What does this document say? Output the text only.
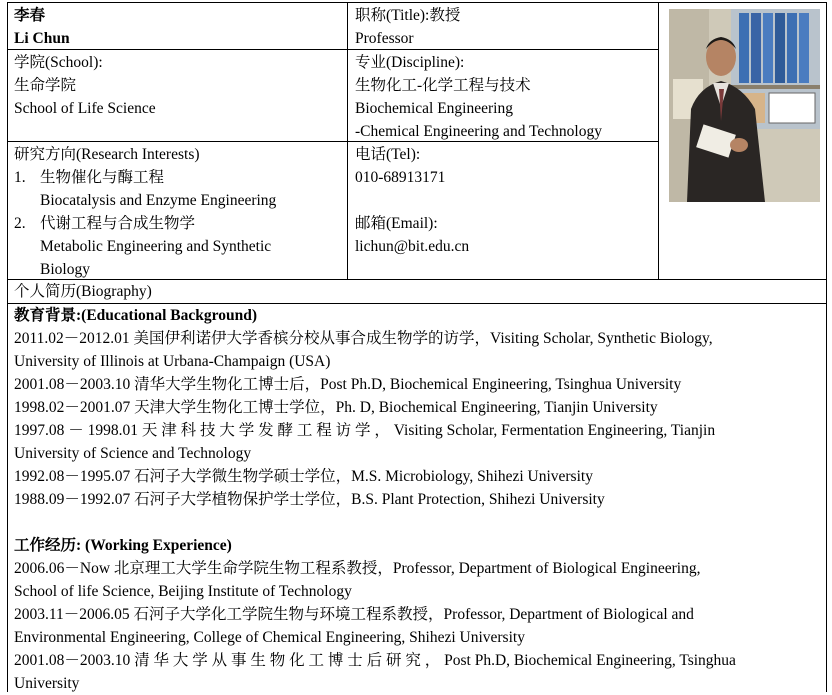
李春
Li Chun
职称(Title):教授
Professor
学院(School):
生命学院
School of Life Science
专业(Discipline):
生物化工-化学工程与技术
Biochemical Engineering
-Chemical Engineering and Technology
研究方向(Research Interests)
1. 生物催化与酶工程
Biocatalysis and Enzyme Engineering
2. 代谢工程与合成生物学
Metabolic Engineering and Synthetic
Biology
电话(Tel):
010-68913171
邮箱(Email):
lichun@bit.edu.cn
个人简历(Biography)
教育背景:(Educational Background)
2011.02－2012.01 美国伊利诺伊大学香槟分校从事合成生物学的访学，Visiting Scholar, Synthetic Biology,
University of Illinois at Urbana-Champaign (USA)
2001.08－2003.10 清华大学生物化工博士后，Post Ph.D, Biochemical Engineering, Tsinghua University
1998.02－2001.07 天津大学生物化工博士学位，Ph. D, Biochemical Engineering, Tianjin University
1997.08 － 1998.01 天 津 科 技 大 学 发 酵 工 程 访 学 ， Visiting Scholar, Fermentation Engineering, Tianjin
University of Science and Technology
1992.08－1995.07 石河子大学微生物学硕士学位，M.S. Microbiology, Shihezi University
1988.09－1992.07 石河子大学植物保护学士学位，B.S. Plant Protection, Shihezi University
工作经历: (Working Experience)
2006.06－Now 北京理工大学生命学院生物工程系教授，Professor, Department of Biological Engineering,
School of life Science, Beijing Institute of Technology
2003.11－2006.05 石河子大学化工学院生物与环境工程系教授，Professor, Department of Biological and
Environmental Engineering, College of Chemical Engineering, Shihezi University
2001.08－2003.10 清 华 大 学 从 事 生 物 化 工 博 士 后 研 究 ， Post Ph.D, Biochemical Engineering, Tsinghua
University
